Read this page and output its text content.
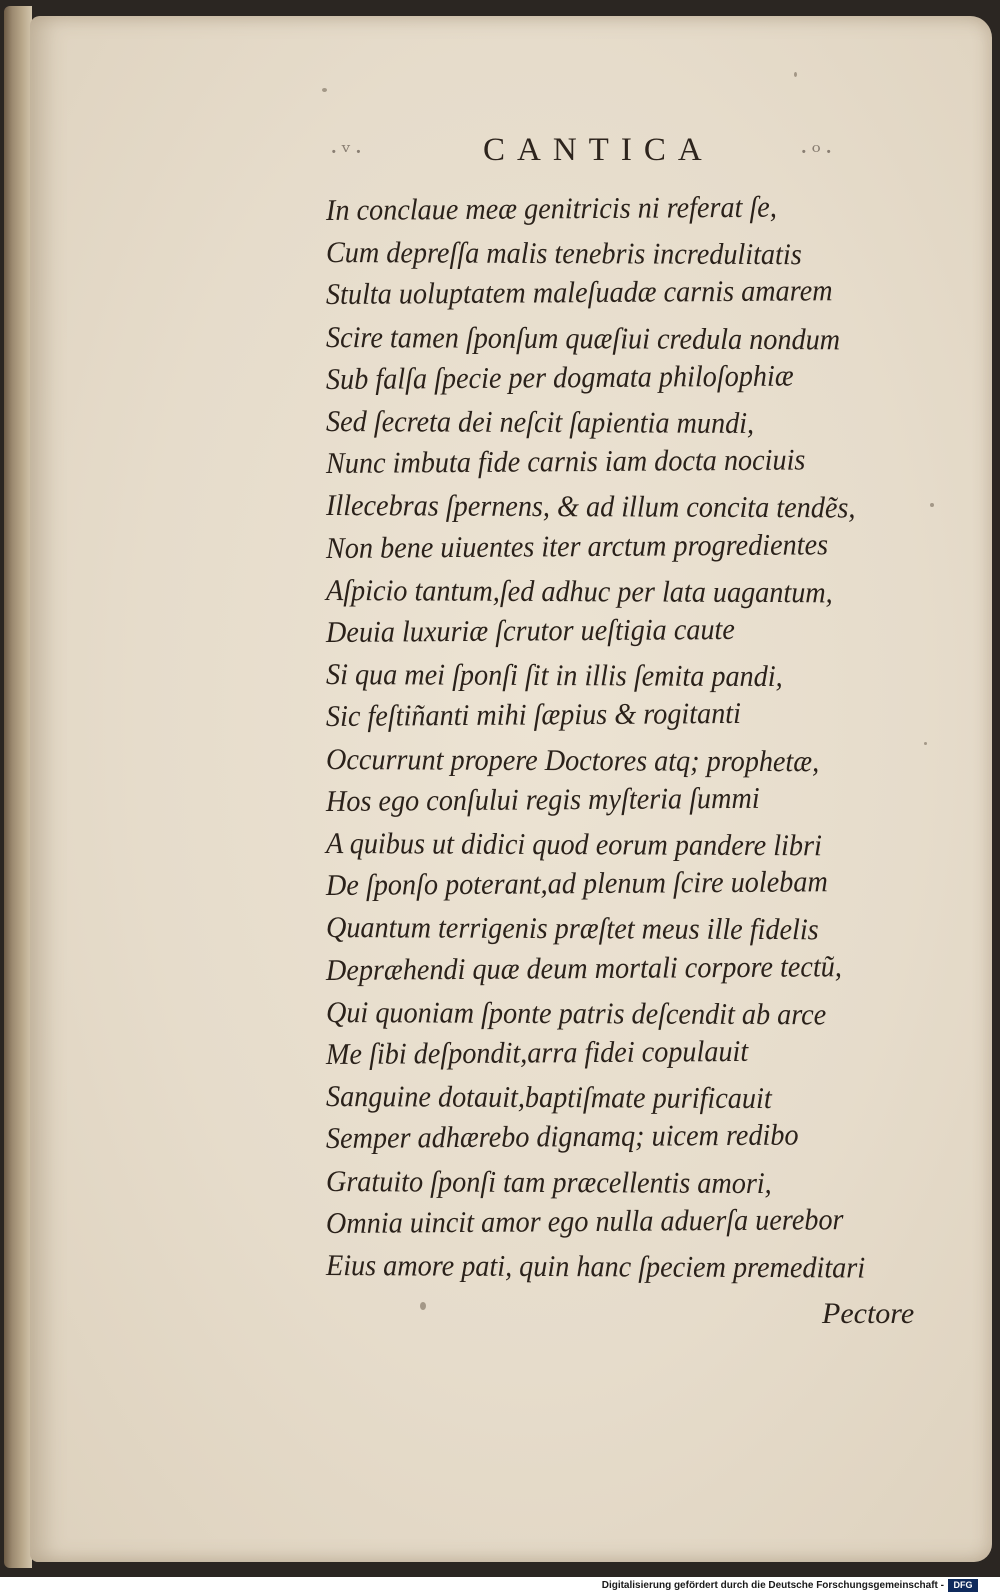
·ᵛ·	·ᵒ·
CANTICA
In conclaue meæ genitricis ni referat ſe,
Cum depreſſa malis tenebris incredulitatis
Stulta uoluptatem maleſuadæ carnis amarem
Scire tamen ſponſum quæſiui credula nondum
Sub falſa ſpecie per dogmata philoſophiæ
Sed ſecreta dei neſcit ſapientia mundi,
Nunc imbuta fide carnis iam docta nociuis
Illecebras ſpernens, & ad illum concita tendẽs,
Non bene uiuentes iter arctum progredientes
Aſpicio tantum,ſed adhuc per lata uagantum,
Deuia luxuriæ ſcrutor ueſtigia caute
Si qua mei ſponſi ſit in illis ſemita pandi,
Sic feſtiñanti mihi ſæpius & rogitanti
Occurrunt propere Doctores atq; prophetæ,
Hos ego conſului regis myſteria ſummi
A quibus ut didici quod eorum pandere libri
De ſponſo poterant,ad plenum ſcire uolebam
Quantum terrigenis præſtet meus ille fidelis
Depræhendi quæ deum mortali corpore tectũ,
Qui quoniam ſponte patris deſcendit ab arce
Me ſibi deſpondit,arra fidei copulauit
Sanguine dotauit,baptiſmate purificauit
Semper adhærebo dignamq; uicem redibo
Gratuito ſponſi tam præcellentis amori,
Omnia uincit amor ego nulla aduerſa uerebor
Eius amore pati, quin hanc ſpeciem premeditari
Pectore
Digitalisierung gefördert durch die Deutsche Forschungsgemeinschaft -	DFG
